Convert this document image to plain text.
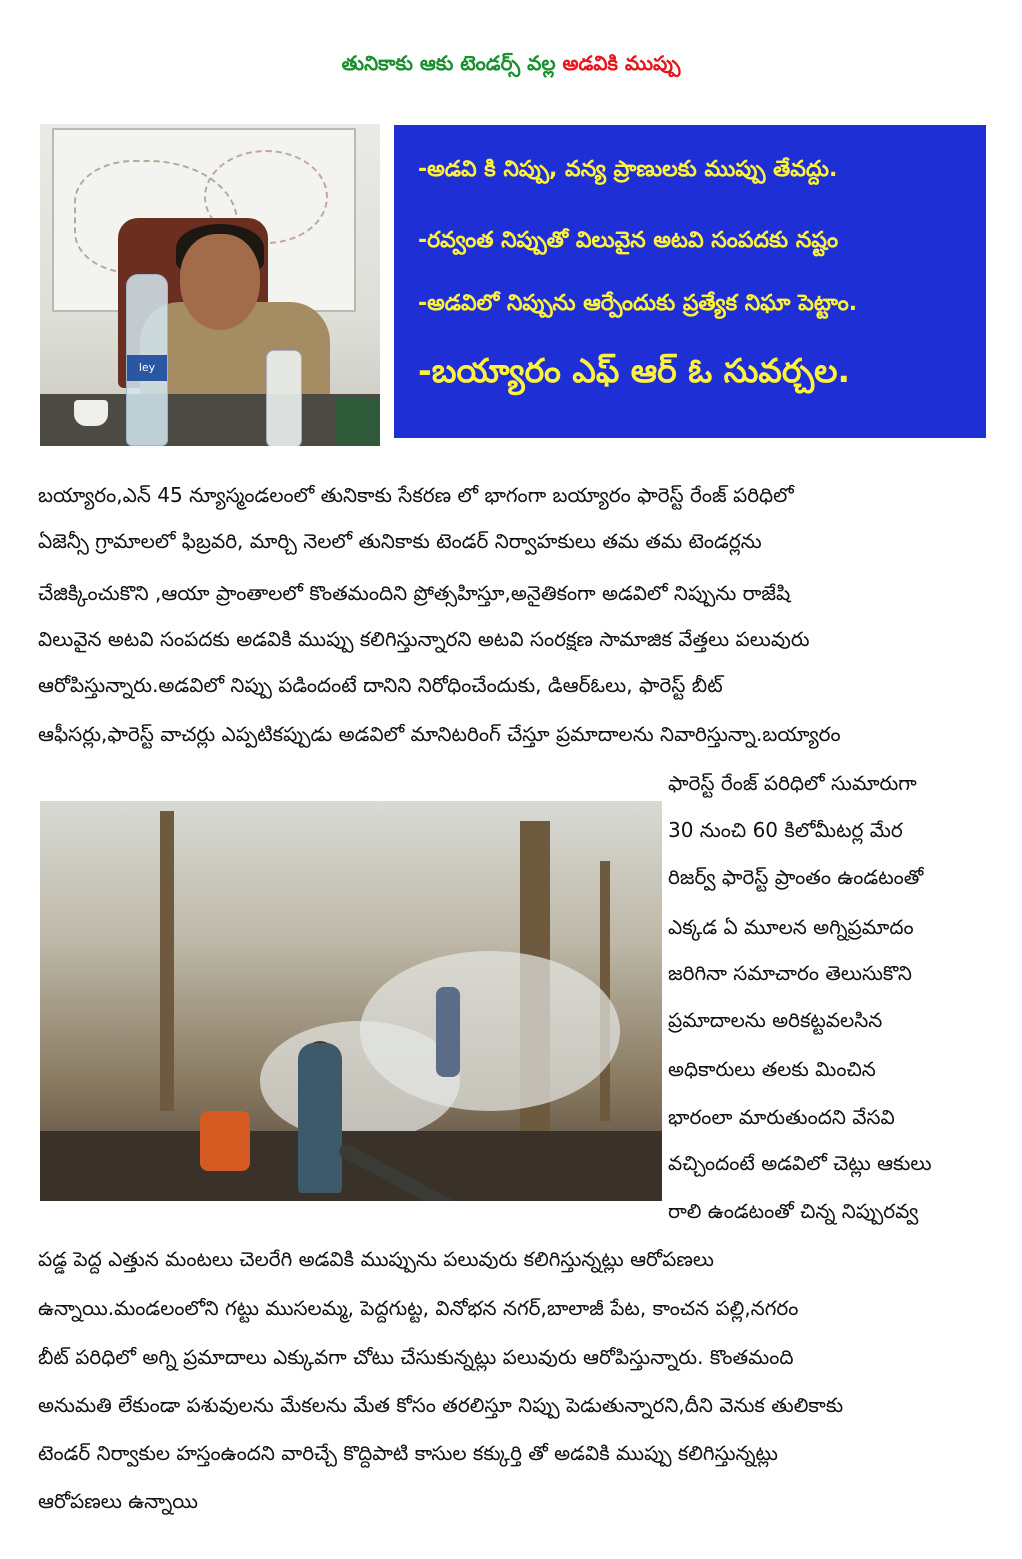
తునికాకు ఆకు టెండర్స్ వల్ల అడవికి ముప్పు
ley
-అడవి కి నిప్పు, వన్య ప్రాణులకు ముప్పు తేవద్దు.
-రవ్వంత నిప్పుతో విలువైన అటవి సంపదకు నష్టం
-అడవిలో నిప్పును ఆర్పేందుకు ప్రత్యేక నిఘా పెట్టాం.
-బయ్యారం ఎఫ్ ఆర్ ఓ సువర్చల.
బయ్యారం,ఎన్ 45 న్యూస్మండలంలో తునికాకు సేకరణ లో భాగంగా బయ్యారం ఫారెస్ట్ రేంజ్ పరిధిలో
ఏజెన్సీ గ్రామాలలో ఫిబ్రవరి, మార్చి నెలలో తునికాకు టెండర్ నిర్వాహకులు తమ తమ టెండర్లను
చేజిక్కించుకొని ,ఆయా ప్రాంతాలలో కొంతమందిని ప్రోత్సహిస్తూ,అనైతికంగా అడవిలో నిప్పును రాజేషి
విలువైన అటవి సంపదకు అడవికి ముప్పు కలిగిస్తున్నారని అటవి సంరక్షణ సామాజిక వేత్తలు పలువురు
ఆరోపిస్తున్నారు.అడవిలో నిప్పు పడిందంటే దానిని నిరోధించేందుకు, డిఆర్ఓలు, ఫారెస్ట్ బీట్
ఆఫీసర్లు,ఫారెస్ట్ వాచర్లు ఎప్పటికప్పుడు అడవిలో మానిటరింగ్ చేస్తూ ప్రమాదాలను నివారిస్తున్నా.బయ్యారం
ఫారెస్ట్ రేంజ్ పరిధిలో సుమారుగా
30 నుంచి 60 కిలోమీటర్ల మేర
రిజర్వ్ ఫారెస్ట్ ప్రాంతం ఉండటంతో
ఎక్కడ ఏ మూలన అగ్నిప్రమాదం
జరిగినా సమాచారం తెలుసుకొని
ప్రమాదాలను అరికట్టవలసిన
అధికారులు తలకు మించిన
భారంలా మారుతుందని వేసవి
వచ్చిందంటే అడవిలో చెట్లు ఆకులు
రాలి ఉండటంతో చిన్న నిప్పురవ్వ
పడ్డ పెద్ద ఎత్తున మంటలు చెలరేగి అడవికి ముప్పును పలువురు కలిగిస్తున్నట్లు ఆరోపణలు
ఉన్నాయి.మండలంలోని గట్టు ముసలమ్మ, పెద్దగుట్ట, వినోభన నగర్,బాలాజీ పేట, కాంచన పల్లి,నగరం
బీట్ పరిధిలో అగ్ని ప్రమాదాలు ఎక్కువగా చోటు చేసుకున్నట్లు పలువురు ఆరోపిస్తున్నారు. కొంతమంది
అనుమతి లేకుండా పశువులను మేకలను మేత కోసం తరలిస్తూ నిప్పు పెడుతున్నారని,దీని వెనుక తులికాకు
టెండర్ నిర్వాకుల హస్తంఉందని వారిచ్చే కొద్దిపాటి కాసుల కక్కుర్తి తో అడవికి ముప్పు కలిగిస్తున్నట్లు
ఆరోపణలు ఉన్నాయి
